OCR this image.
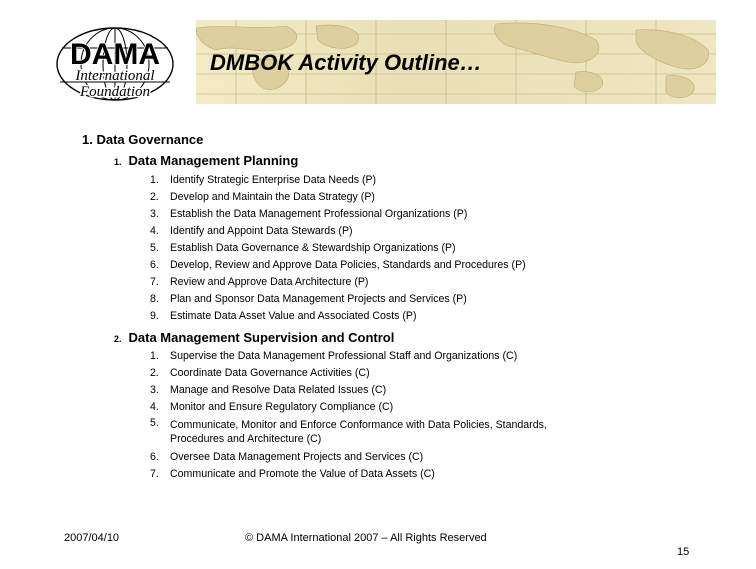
DAMA
International
Foundation
DMBOK Activity Outline…
1. Data Governance
1. Data Management Planning
1. Identify Strategic Enterprise Data Needs (P)
2. Develop and Maintain the Data Strategy (P)
3. Establish the Data Management Professional Organizations (P)
4. Identify and Appoint Data Stewards (P)
5. Establish Data Governance & Stewardship Organizations (P)
6. Develop, Review and Approve Data Policies, Standards and Procedures (P)
7. Review and Approve Data Architecture (P)
8. Plan and Sponsor Data Management Projects and Services (P)
9. Estimate Data Asset Value and Associated Costs (P)
2. Data Management Supervision and Control
1. Supervise the Data Management Professional Staff and Organizations (C)
2. Coordinate Data Governance Activities (C)
3. Manage and Resolve Data Related Issues (C)
4. Monitor and Ensure Regulatory Compliance (C)
5. Communicate, Monitor and Enforce Conformance with Data Policies, Standards, Procedures and Architecture (C)
6. Oversee Data Management Projects and Services (C)
7. Communicate and Promote the Value of Data Assets (C)
2007/04/10	© DAMA International 2007 – All Rights Reserved
15
